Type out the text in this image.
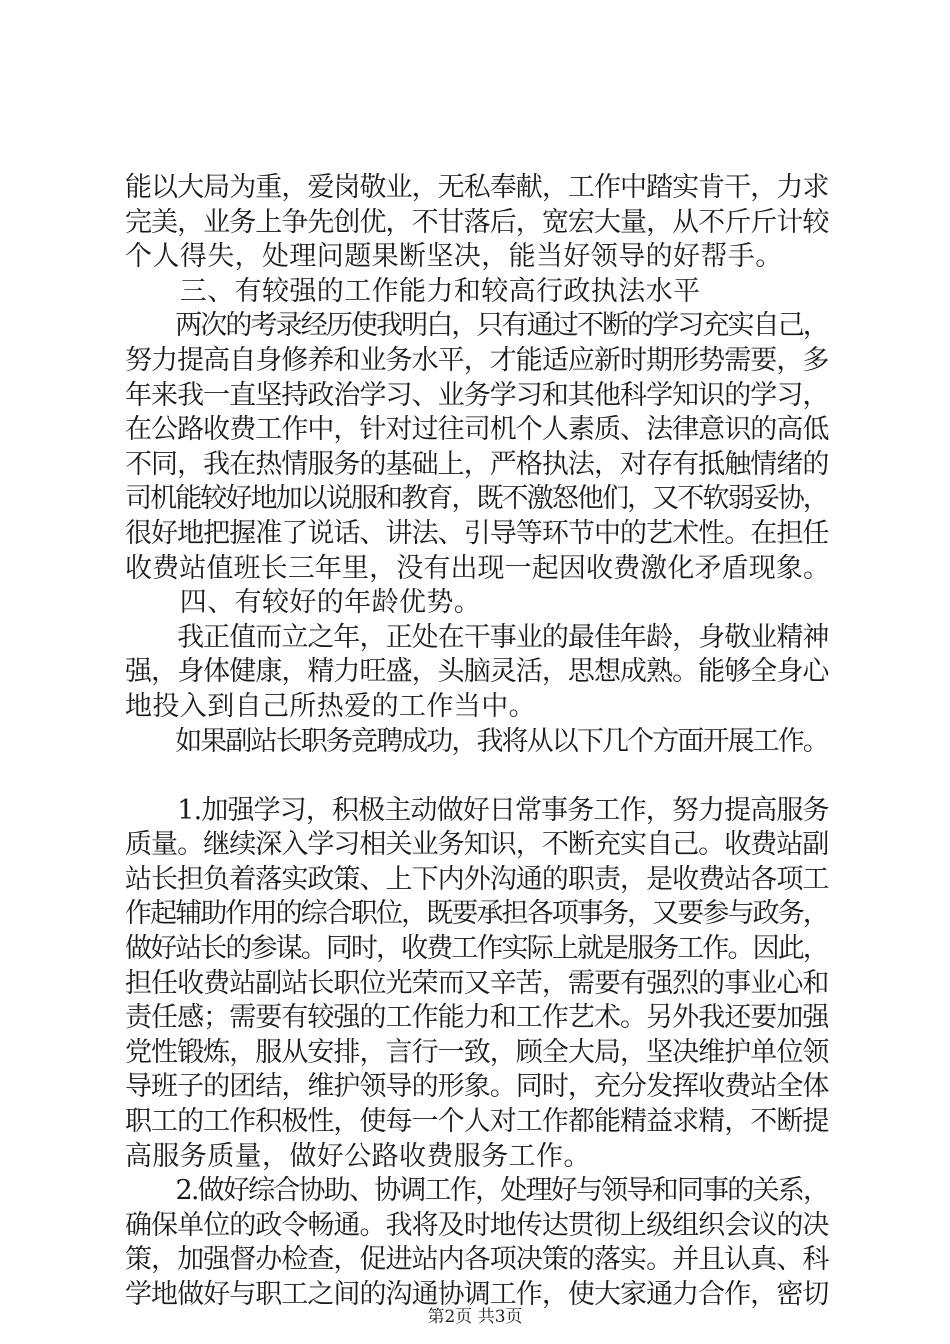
能以大局为重，爱岗敬业，无私奉献，工作中踏实肯干，力求
完美，业务上争先创优，不甘落后，宽宏大量，从不斤斤计较
个人得失，处理问题果断坚决，能当好领导的好帮手。
　　三、有较强的工作能力和较高行政执法水平
　　两次的考录经历使我明白，只有通过不断的学习充实自己，
努力提高自身修养和业务水平，才能适应新时期形势需要，多
年来我一直坚持政治学习、业务学习和其他科学知识的学习，
在公路收费工作中，针对过往司机个人素质、法律意识的高低
不同，我在热情服务的基础上，严格执法，对存有抵触情绪的
司机能较好地加以说服和教育，既不激怒他们，又不软弱妥协，
很好地把握准了说话、讲法、引导等环节中的艺术性。在担任
收费站值班长三年里，没有出现一起因收费激化矛盾现象。
　　四、有较好的年龄优势。
　　我正值而立之年，正处在干事业的最佳年龄，身敬业精神
强，身体健康，精力旺盛，头脑灵活，思想成熟。能够全身心
地投入到自己所热爱的工作当中。
　　如果副站长职务竞聘成功，我将从以下几个方面开展工作。
　　1.加强学习，积极主动做好日常事务工作，努力提高服务
质量。继续深入学习相关业务知识，不断充实自己。收费站副
站长担负着落实政策、上下内外沟通的职责，是收费站各项工
作起辅助作用的综合职位，既要承担各项事务，又要参与政务，
做好站长的参谋。同时，收费工作实际上就是服务工作。因此，
担任收费站副站长职位光荣而又辛苦，需要有强烈的事业心和
责任感；需要有较强的工作能力和工作艺术。另外我还要加强
党性锻炼，服从安排，言行一致，顾全大局，坚决维护单位领
导班子的团结，维护领导的形象。同时，充分发挥收费站全体
职工的工作积极性，使每一个人对工作都能精益求精，不断提
高服务质量，做好公路收费服务工作。
　　2.做好综合协助、协调工作，处理好与领导和同事的关系，
确保单位的政令畅通。我将及时地传达贯彻上级组织会议的决
策，加强督办检查，促进站内各项决策的落实。并且认真、科
学地做好与职工之间的沟通协调工作，使大家通力合作，密切
第2页 共3页
